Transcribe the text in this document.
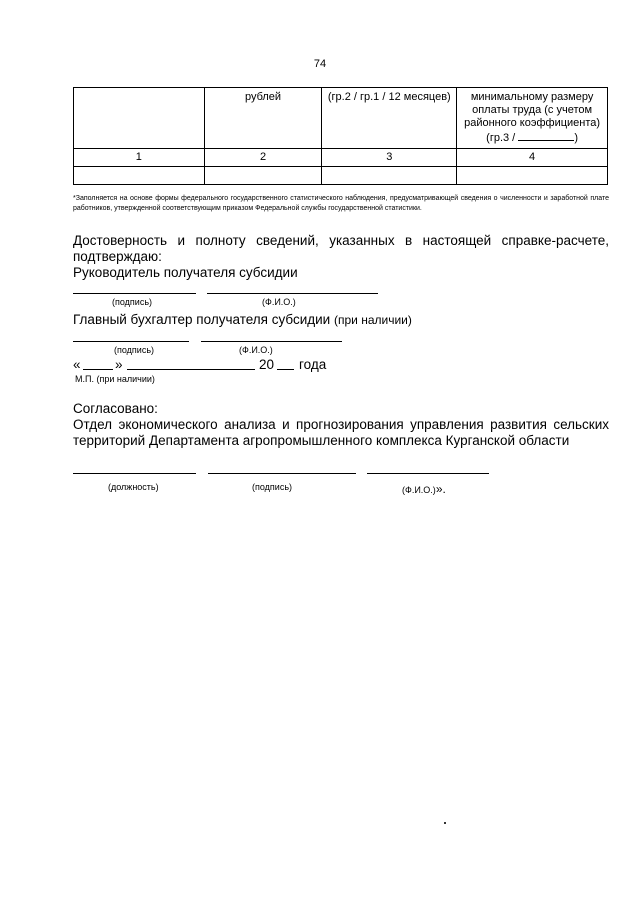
74
	рублей	(гр.2 / гр.1 / 12 месяцев)	минимальному размеру оплаты труда (с учетом районного коэффициента) (гр.3 / )
1	2	3	4

*Заполняется на основе формы федерального государственного статистического наблюдения, предусматривающей сведения о численности и заработной плате работников, утвержденной соответствующим приказом Федеральной службы государственной статистики.
Достоверность и полноту сведений, указанных в настоящей справке-расчете, подтверждаю:
Руководитель получателя субсидии
(подпись)	(Ф.И.О.)
Главный бухгалтер получателя субсидии (при наличии)
(подпись)	(Ф.И.О.)
«	»	20 года
М.П. (при наличии)
Согласовано:
Отдел экономического анализа и прогнозирования управления развития сельских территорий Департамента агропромышленного комплекса Курганской области
(должность)	(подпись)	(Ф.И.О.)».
